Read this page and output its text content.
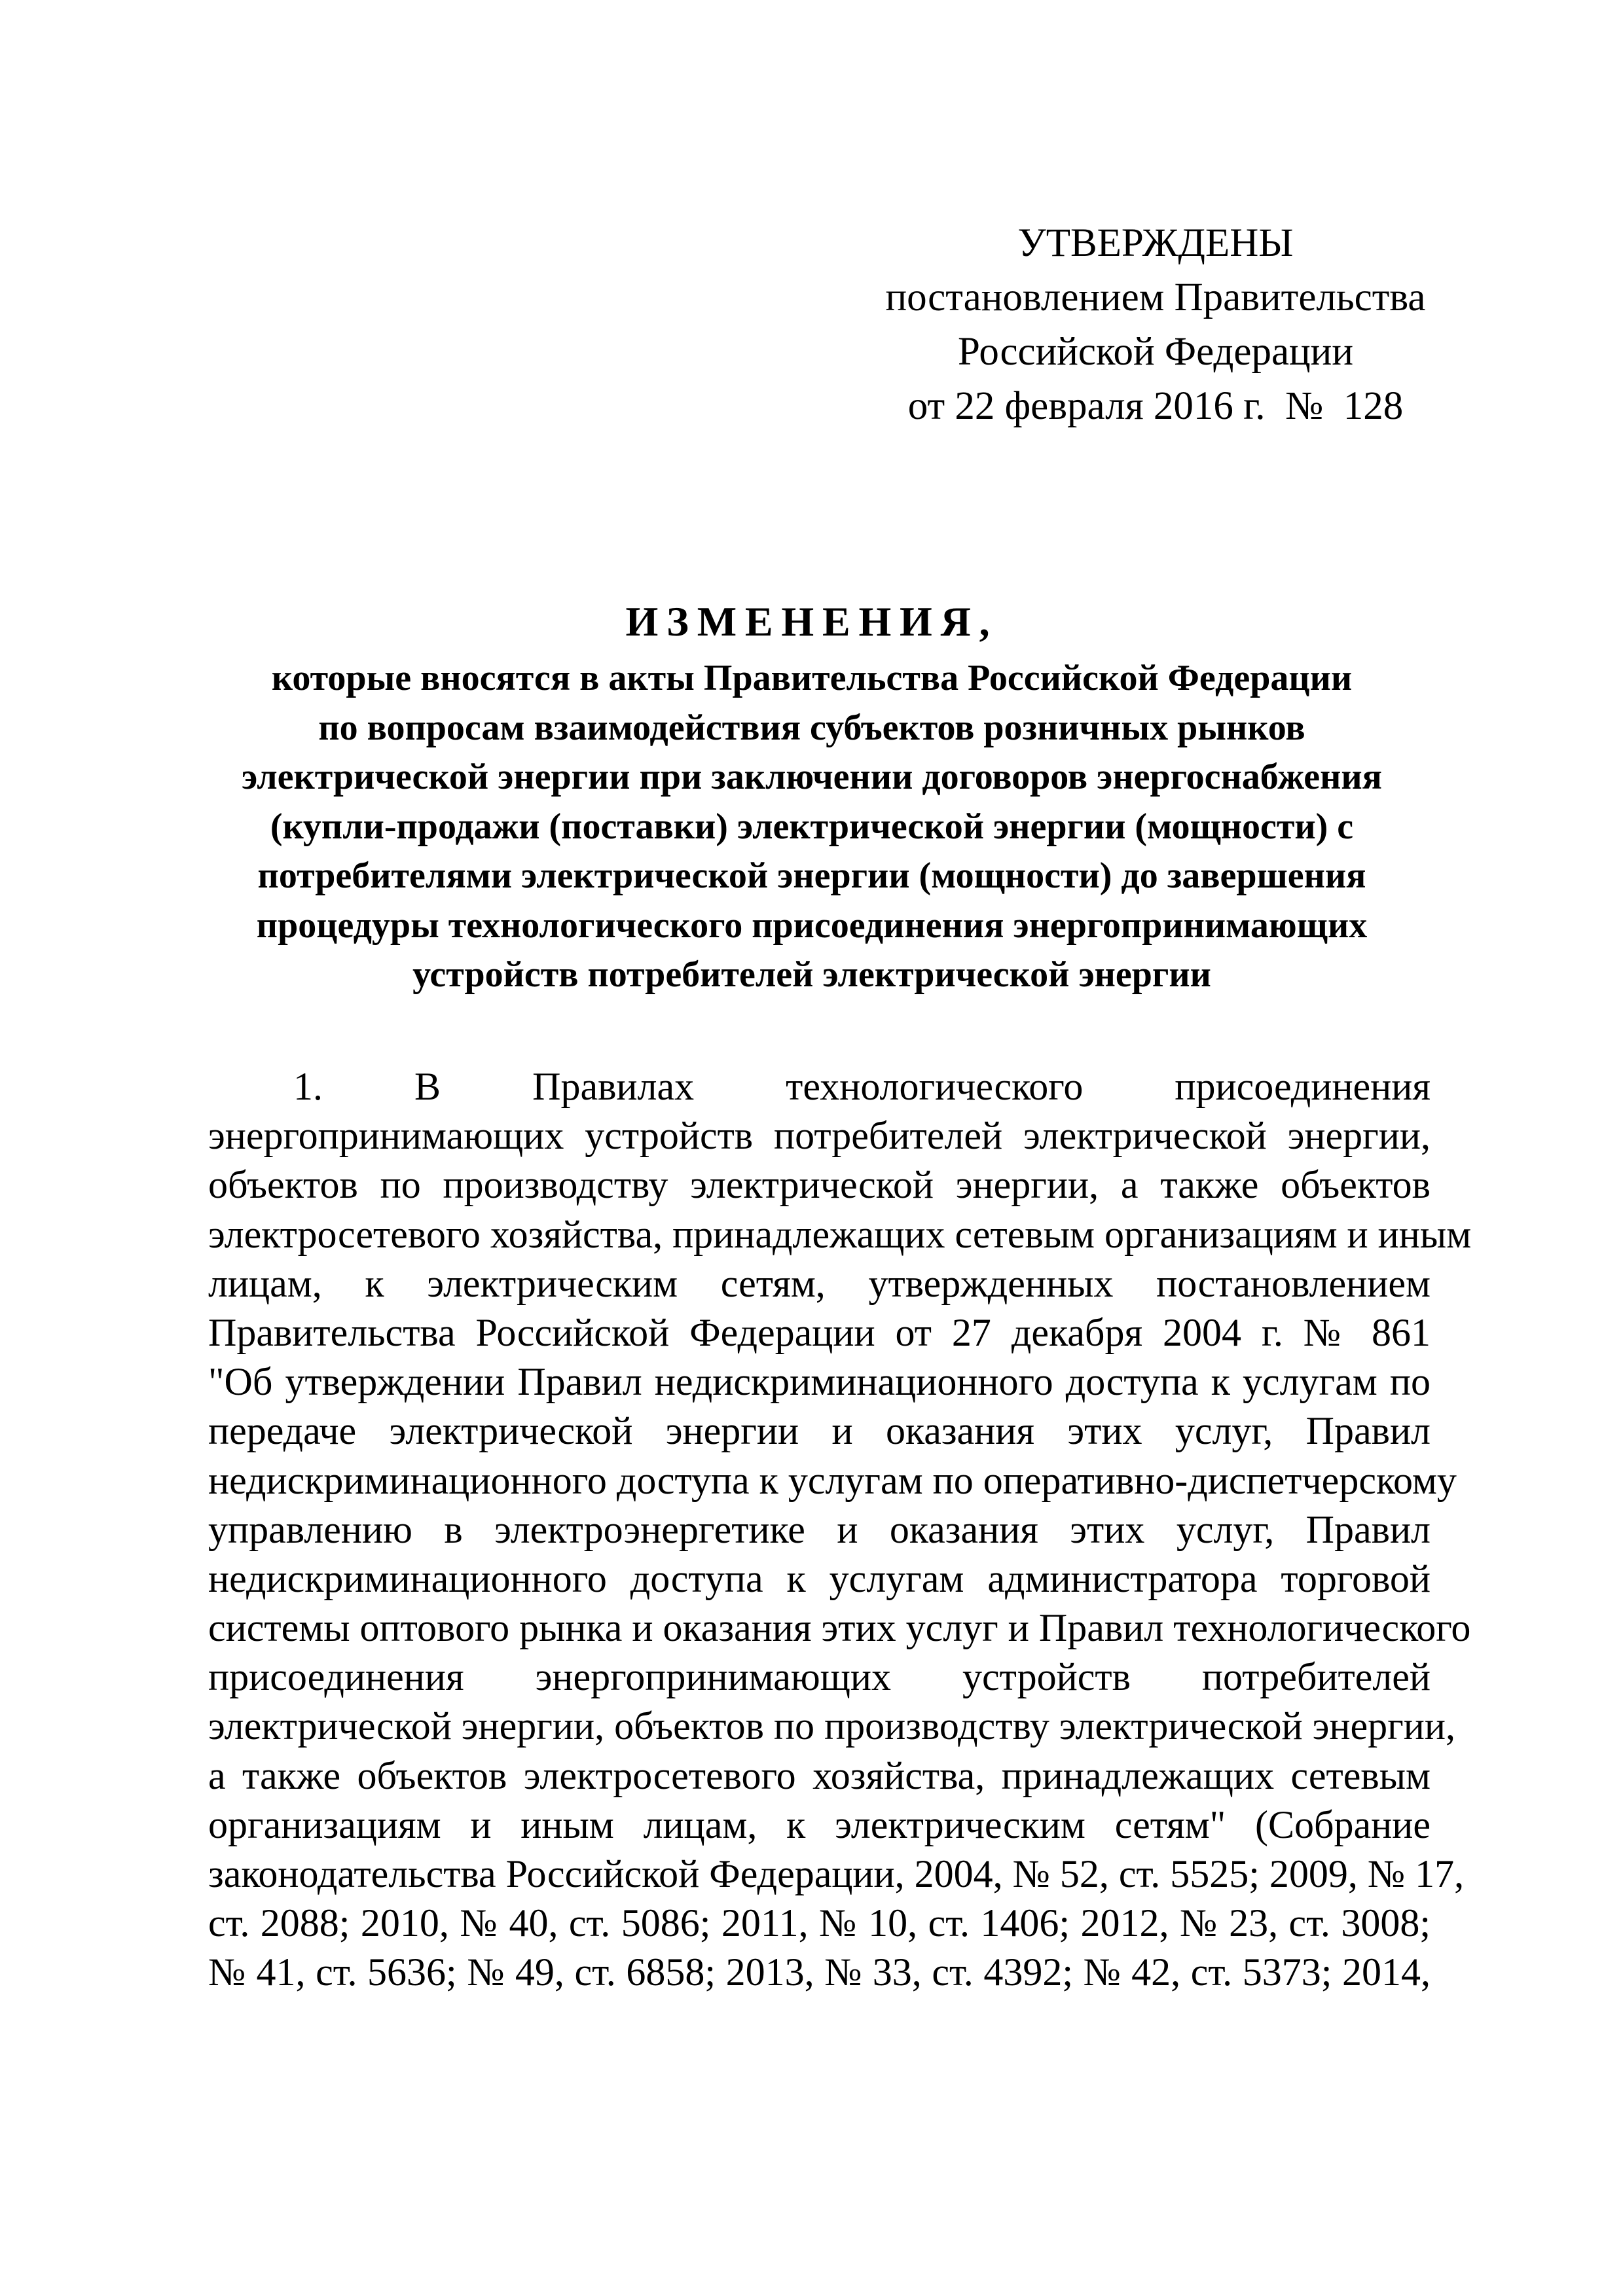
УТВЕРЖДЕНЫ
постановлением Правительства
Российской Федерации
от 22 февраля 2016 г.  №  128
ИЗМЕНЕНИЯ,
которые вносятся в акты Правительства Российской Федерации
по вопросам взаимодействия субъектов розничных рынков
электрической энергии при заключении договоров энергоснабжения
(купли-продажи (поставки) электрической энергии (мощности) с
потребителями электрической энергии (мощности) до завершения
процедуры технологического присоединения энергопринимающих
устройств потребителей электрической энергии
1. В Правилах технологического присоединения
энергопринимающих устройств потребителей электрической энергии,
объектов по производству электрической энергии, а также объектов
электросетевого хозяйства, принадлежащих сетевым организациям и иным
лицам, к электрическим сетям, утвержденных постановлением
Правительства Российской Федерации от 27 декабря 2004 г. № 861
"Об утверждении Правил недискриминационного доступа к услугам по
передаче электрической энергии и оказания этих услуг, Правил
недискриминационного доступа к услугам по оперативно-диспетчерскому
управлению в электроэнергетике и оказания этих услуг, Правил
недискриминационного доступа к услугам администратора торговой
системы оптового рынка и оказания этих услуг и Правил технологического
присоединения энергопринимающих устройств потребителей
электрической энергии, объектов по производству электрической энергии,
а также объектов электросетевого хозяйства, принадлежащих сетевым
организациям и иным лицам, к электрическим сетям" (Собрание
законодательства Российской Федерации, 2004, № 52, ст. 5525; 2009, № 17,
ст. 2088; 2010, № 40, ст. 5086; 2011, № 10, ст. 1406; 2012, № 23, ст. 3008;
№ 41, ст. 5636; № 49, ст. 6858; 2013, № 33, ст. 4392; № 42, ст. 5373; 2014,
